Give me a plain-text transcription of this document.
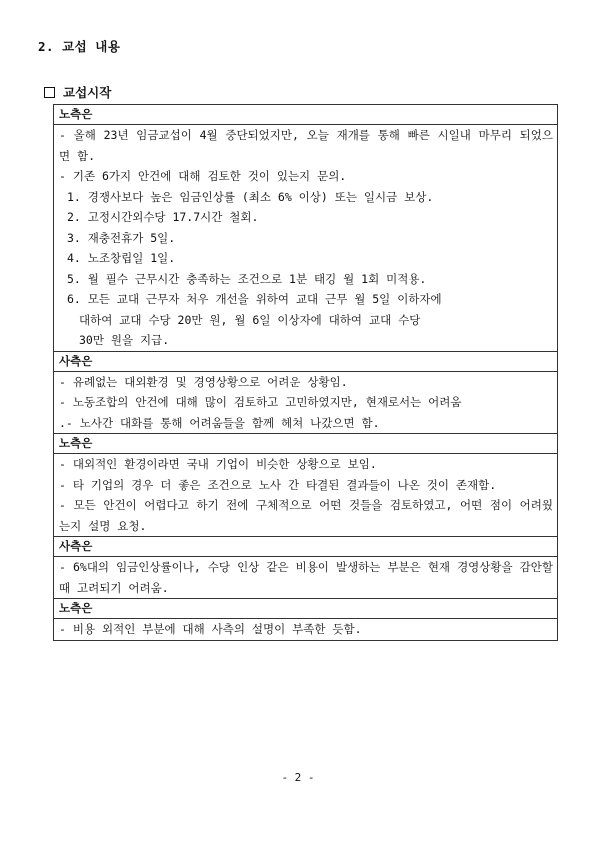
2. 교섭 내용
교섭시작
노측은

- 올해 23년 임금교섭이 4월 중단되었지만, 오늘 재개를 통해 빠른 시일내 마무리 되었으면 함.
- 기존 6가지 안건에 대해 검토한 것이 있는지 문의.
1. 경쟁사보다 높은 임금인상률 (최소 6% 이상) 또는 일시금 보상.
2. 고정시간외수당 17.7시간 철회.
3. 재충전휴가 5일.
4. 노조창립일 1일.
5. 월 필수 근무시간 충족하는 조건으로 1분 태깅 월 1회 미적용.
6. 모든 교대 근무자 처우 개선을 위하여 교대 근무 월 5일 이하자에
대하여 교대 수당 20만 원, 월 6일 이상자에 대하여 교대 수당
30만 원을 지급.

사측은

- 유례없는 대외환경 및 경영상황으로 어려운 상황임.
- 노동조합의 안건에 대해 많이 검토하고 고민하였지만, 현재로서는 어려움
.- 노사간 대화를 통해 어려움들을 함께 헤쳐 나갔으면 함.

노측은

- 대외적인 환경이라면 국내 기업이 비슷한 상황으로 보임.
- 타 기업의 경우 더 좋은 조건으로 노사 간 타결된 결과들이 나온 것이 존재함.
- 모든 안건이 어렵다고 하기 전에 구체적으로 어떤 것들을 검토하였고, 어떤 점이 어려웠는지 설명 요청.

사측은

- 6%대의 임금인상률이나, 수당 인상 같은 비용이 발생하는 부분은 현재 경영상황을 감안할 때 고려되기 어려움.

노측은

- 비용 외적인 부분에 대해 사측의 설명이 부족한 듯함.
- 2 -
